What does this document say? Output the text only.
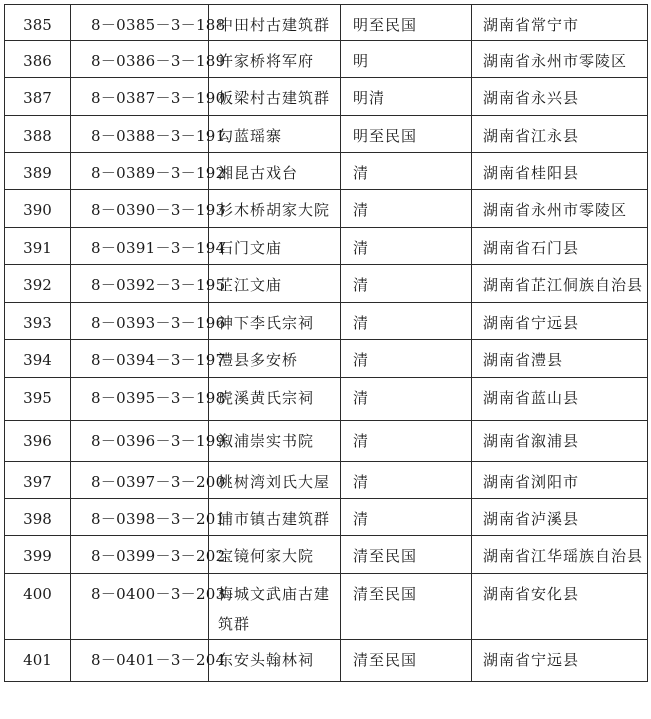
385	8－0385－3－188	中田村古建筑群	明至民国	湖南省常宁市
386	8－0386－3－189	许家桥将军府	明	湖南省永州市零陵区
387	8－0387－3－190	板梁村古建筑群	明清	湖南省永兴县
388	8－0388－3－191	勾蓝瑶寨	明至民国	湖南省江永县
389	8－0389－3－192	湘昆古戏台	清	湖南省桂阳县
390	8－0390－3－193	杉木桥胡家大院	清	湖南省永州市零陵区
391	8－0391－3－194	石门文庙	清	湖南省石门县
392	8－0392－3－195	芷江文庙	清	湖南省芷江侗族自治县
393	8－0393－3－196	神下李氏宗祠	清	湖南省宁远县
394	8－0394－3－197	澧县多安桥	清	湖南省澧县
395	8－0395－3－198	虎溪黄氏宗祠	清	湖南省蓝山县
396	8－0396－3－199	溆浦崇实书院	清	湖南省溆浦县
397	8－0397－3－200	桃树湾刘氏大屋	清	湖南省浏阳市
398	8－0398－3－201	浦市镇古建筑群	清	湖南省泸溪县
399	8－0399－3－202	宝镜何家大院	清至民国	湖南省江华瑶族自治县
400	8－0400－3－203	梅城文武庙古建筑群	清至民国	湖南省安化县
401	8－0401－3－204	东安头翰林祠	清至民国	湖南省宁远县
